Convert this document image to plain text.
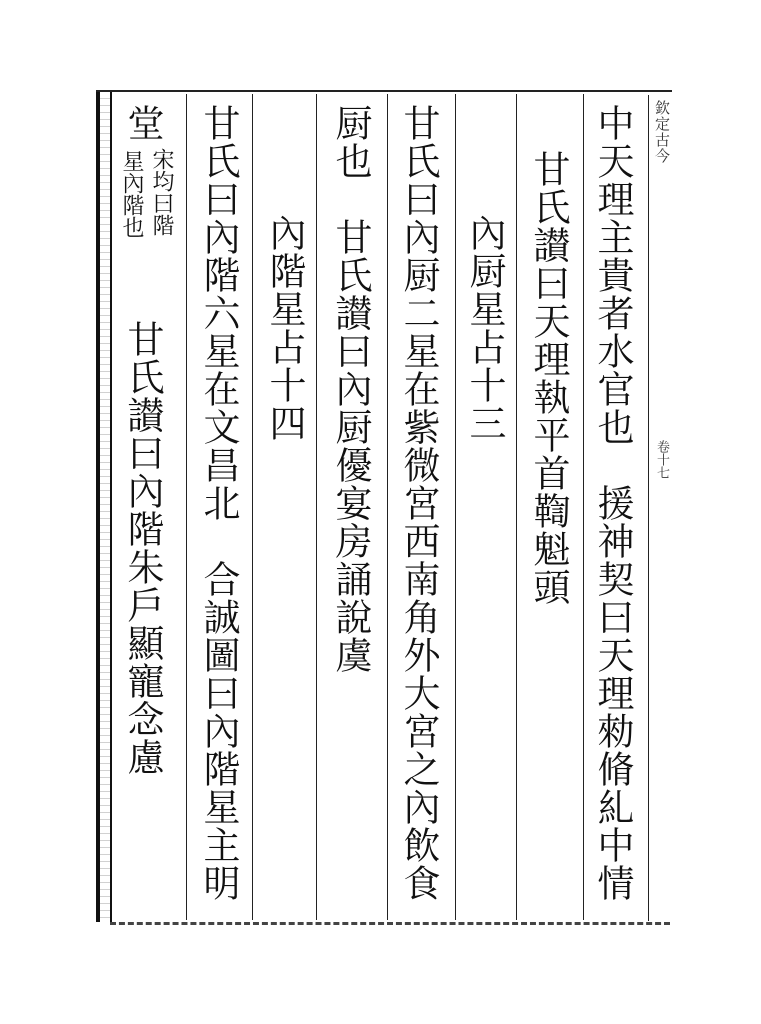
欽定古今
卷十七
中天理主貴者水官也　援神契曰天理勑脩糺中情
甘氏讃曰天理執平首鞫魁頭
內厨星占十三
甘氏曰內厨二星在紫微宮西南角外大宮之內飲食
厨也　甘氏讃曰內厨優宴房誦說虞
內階星占十四
甘氏曰內階六星在文昌北　合誠圖曰內階星主明
堂
宋均曰階
星內階也
甘氏讃曰內階朱戶顯寵念慮
